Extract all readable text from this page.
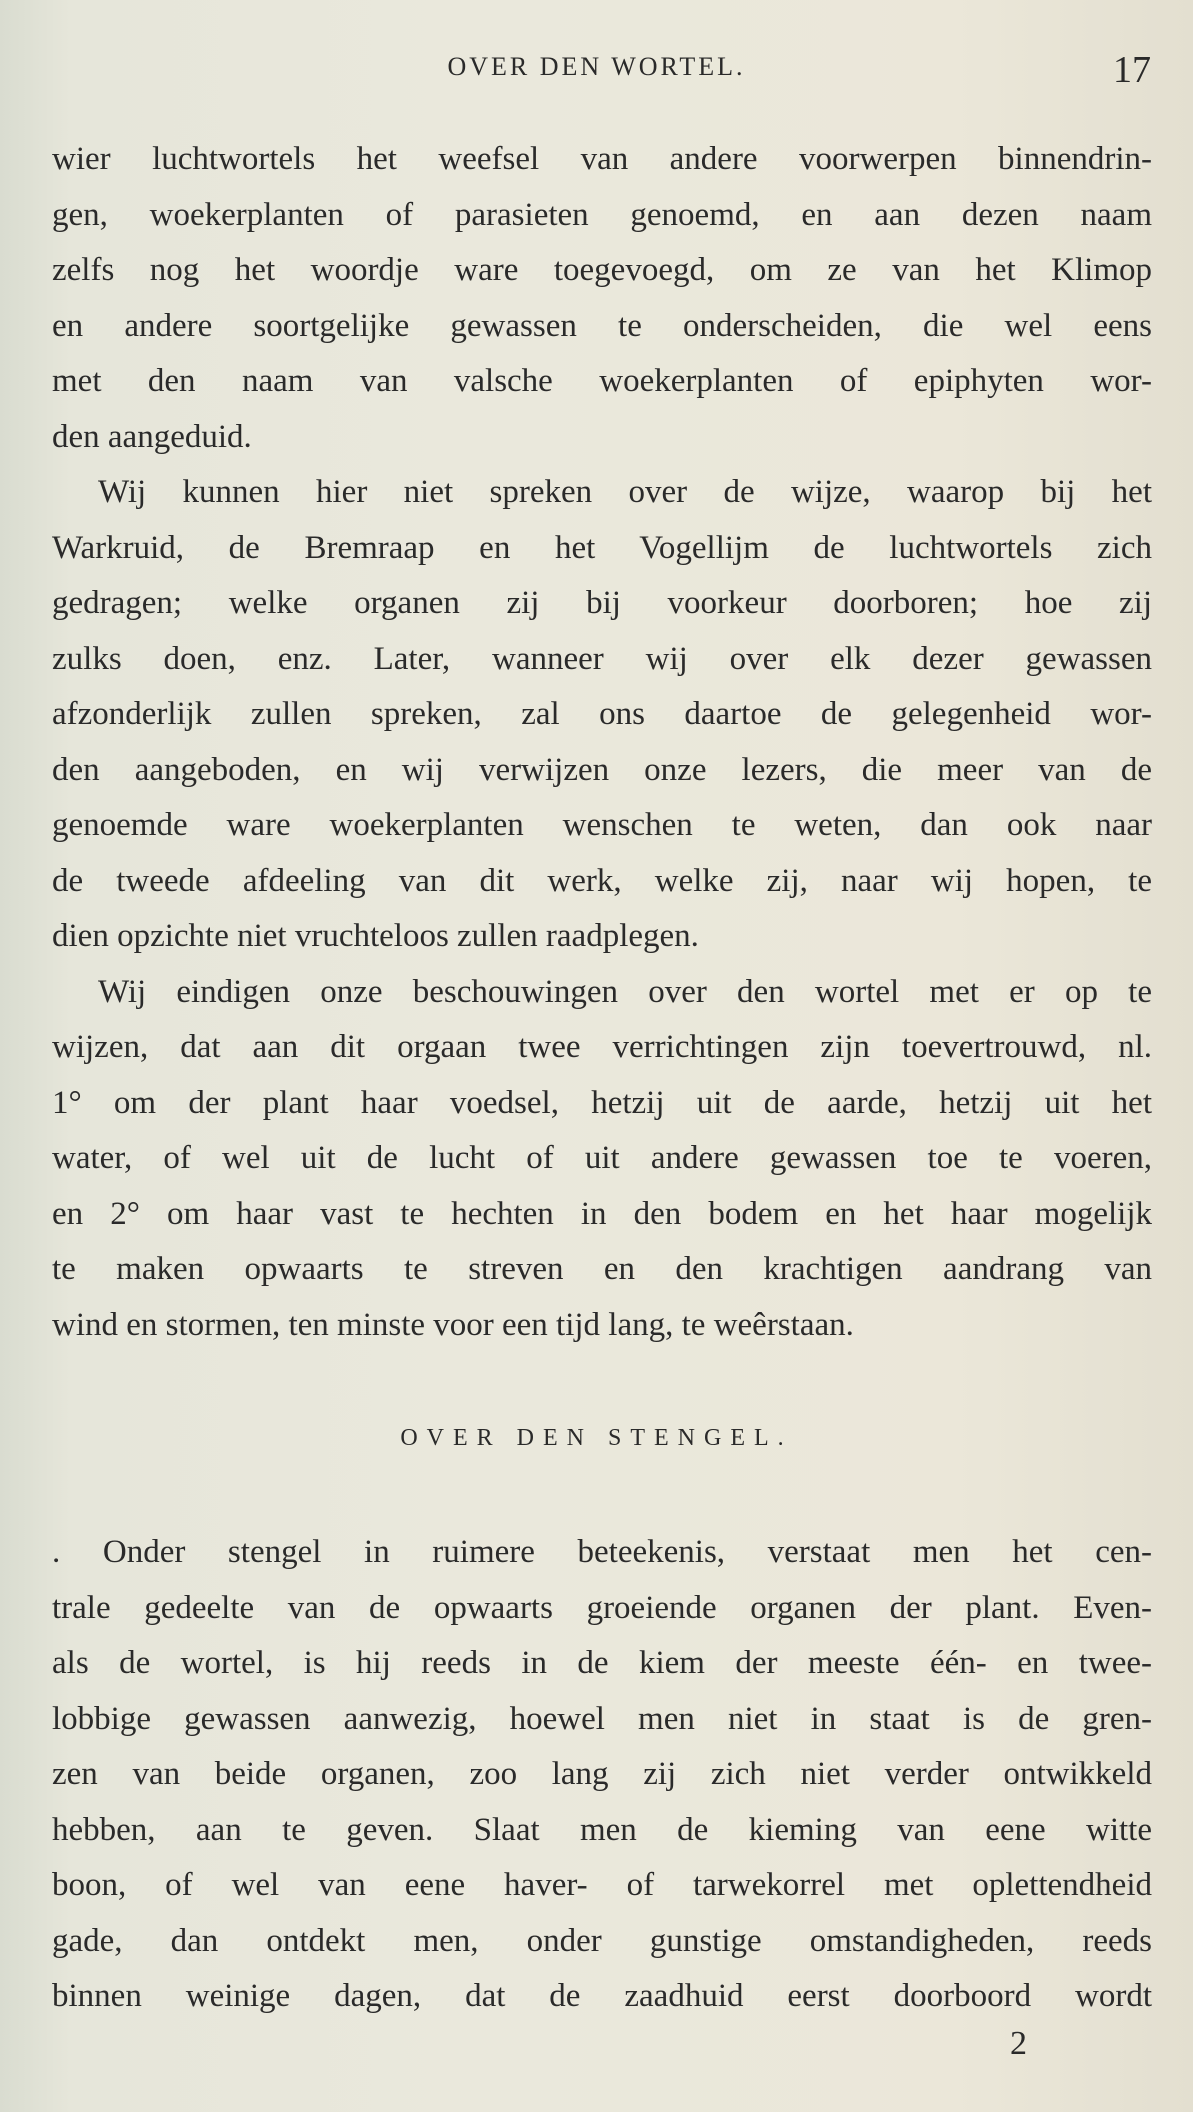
OVER DEN WORTEL.	17
wier luchtwortels het weefsel van andere voorwerpen binnendrin-
gen, woekerplanten of parasieten genoemd, en aan dezen naam
zelfs nog het woordje ware toegevoegd, om ze van het Klimop
en andere soortgelijke gewassen te onderscheiden, die wel eens
met den naam van valsche woekerplanten of epiphyten wor-
den aangeduid.
Wij kunnen hier niet spreken over de wijze, waarop bij het
Warkruid, de Bremraap en het Vogellijm de luchtwortels zich
gedragen; welke organen zij bij voorkeur doorboren; hoe zij
zulks doen, enz. Later, wanneer wij over elk dezer gewassen
afzonderlijk zullen spreken, zal ons daartoe de gelegenheid wor-
den aangeboden, en wij verwijzen onze lezers, die meer van de
genoemde ware woekerplanten wenschen te weten, dan ook naar
de tweede afdeeling van dit werk, welke zij, naar wij hopen, te
dien opzichte niet vruchteloos zullen raadplegen.
Wij eindigen onze beschouwingen over den wortel met er op te
wijzen, dat aan dit orgaan twee verrichtingen zijn toevertrouwd, nl.
1° om der plant haar voedsel, hetzij uit de aarde, hetzij uit het
water, of wel uit de lucht of uit andere gewassen toe te voeren,
en 2° om haar vast te hechten in den bodem en het haar mogelijk
te maken opwaarts te streven en den krachtigen aandrang van
wind en stormen, ten minste voor een tijd lang, te weêrstaan.
OVER DEN STENGEL.
. Onder stengel in ruimere beteekenis, verstaat men het cen-
trale gedeelte van de opwaarts groeiende organen der plant. Even-
als de wortel, is hij reeds in de kiem der meeste één- en twee-
lobbige gewassen aanwezig, hoewel men niet in staat is de gren-
zen van beide organen, zoo lang zij zich niet verder ontwikkeld
hebben, aan te geven. Slaat men de kieming van eene witte
boon, of wel van eene haver- of tarwekorrel met oplettendheid
gade, dan ontdekt men, onder gunstige omstandigheden, reeds
binnen weinige dagen, dat de zaadhuid eerst doorboord wordt
2
